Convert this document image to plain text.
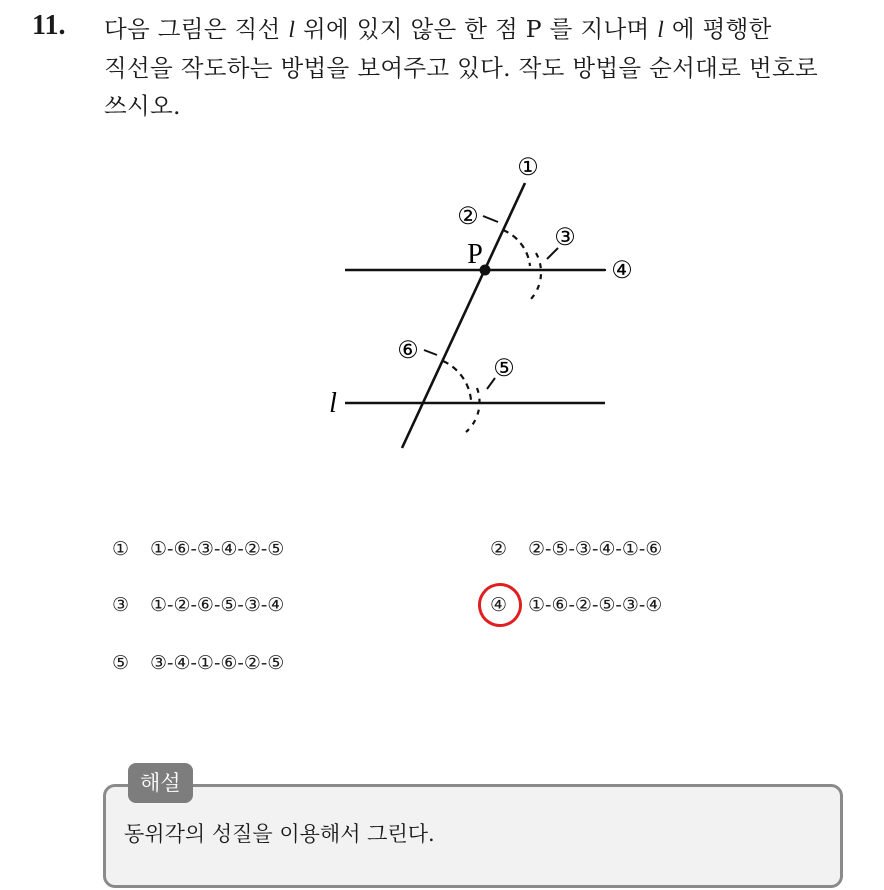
11. 다음 그림은 직선 l 위에 있지 않은 한 점 P 를 지나며 l 에 평행한
직선을 작도하는 방법을 보여주고 있다. 작도 방법을 순서대로 번호로
쓰시오.
①
②
③
④
⑤
⑥
P
l
① ①-⑥-③-④-②-⑤	② ②-⑤-③-④-①-⑥
③ ①-②-⑥-⑤-③-④	④ ①-⑥-②-⑤-③-④
⑤ ③-④-①-⑥-②-⑤
해설
동위각의 성질을 이용해서 그린다.
